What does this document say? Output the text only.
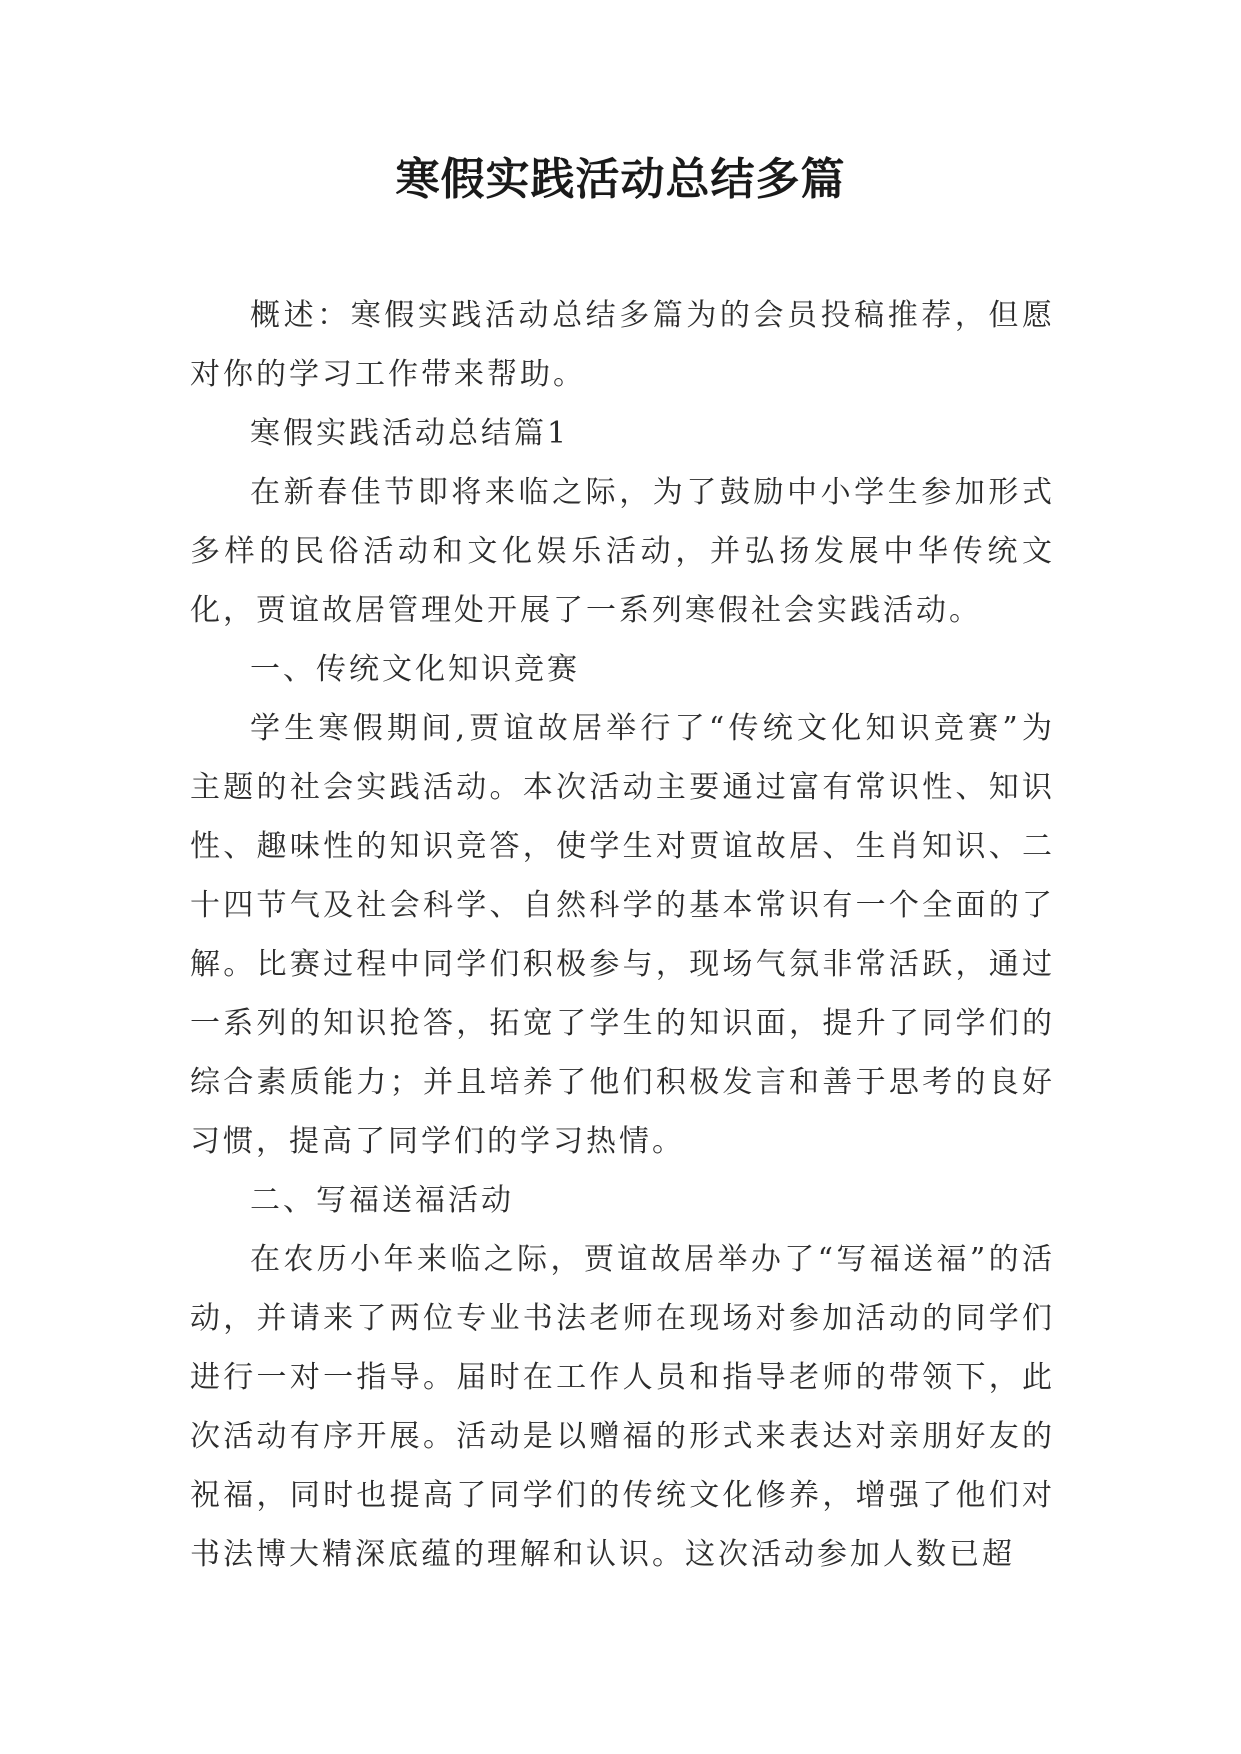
寒假实践活动总结多篇

概述：寒假实践活动总结多篇为的会员投稿推荐，但愿对你的学习工作带来帮助。

寒假实践活动总结篇1

在新春佳节即将来临之际，为了鼓励中小学生参加形式多样的民俗活动和文化娱乐活动，并弘扬发展中华传统文化，贾谊故居管理处开展了一系列寒假社会实践活动。

一、传统文化知识竞赛

学生寒假期间,贾谊故居举行了“传统文化知识竞赛”为主题的社会实践活动。本次活动主要通过富有常识性、知识性、趣味性的知识竞答，使学生对贾谊故居、生肖知识、二十四节气及社会科学、自然科学的基本常识有一个全面的了解。比赛过程中同学们积极参与，现场气氛非常活跃，通过一系列的知识抢答，拓宽了学生的知识面，提升了同学们的综合素质能力；并且培养了他们积极发言和善于思考的良好习惯，提高了同学们的学习热情。

二、写福送福活动

在农历小年来临之际，贾谊故居举办了“写福送福”的活动，并请来了两位专业书法老师在现场对参加活动的同学们进行一对一指导。届时在工作人员和指导老师的带领下，此次活动有序开展。活动是以赠福的形式来表达对亲朋好友的祝福，同时也提高了同学们的传统文化修养，增强了他们对书法博大精深底蕴的理解和认识。这次活动参加人数已超
